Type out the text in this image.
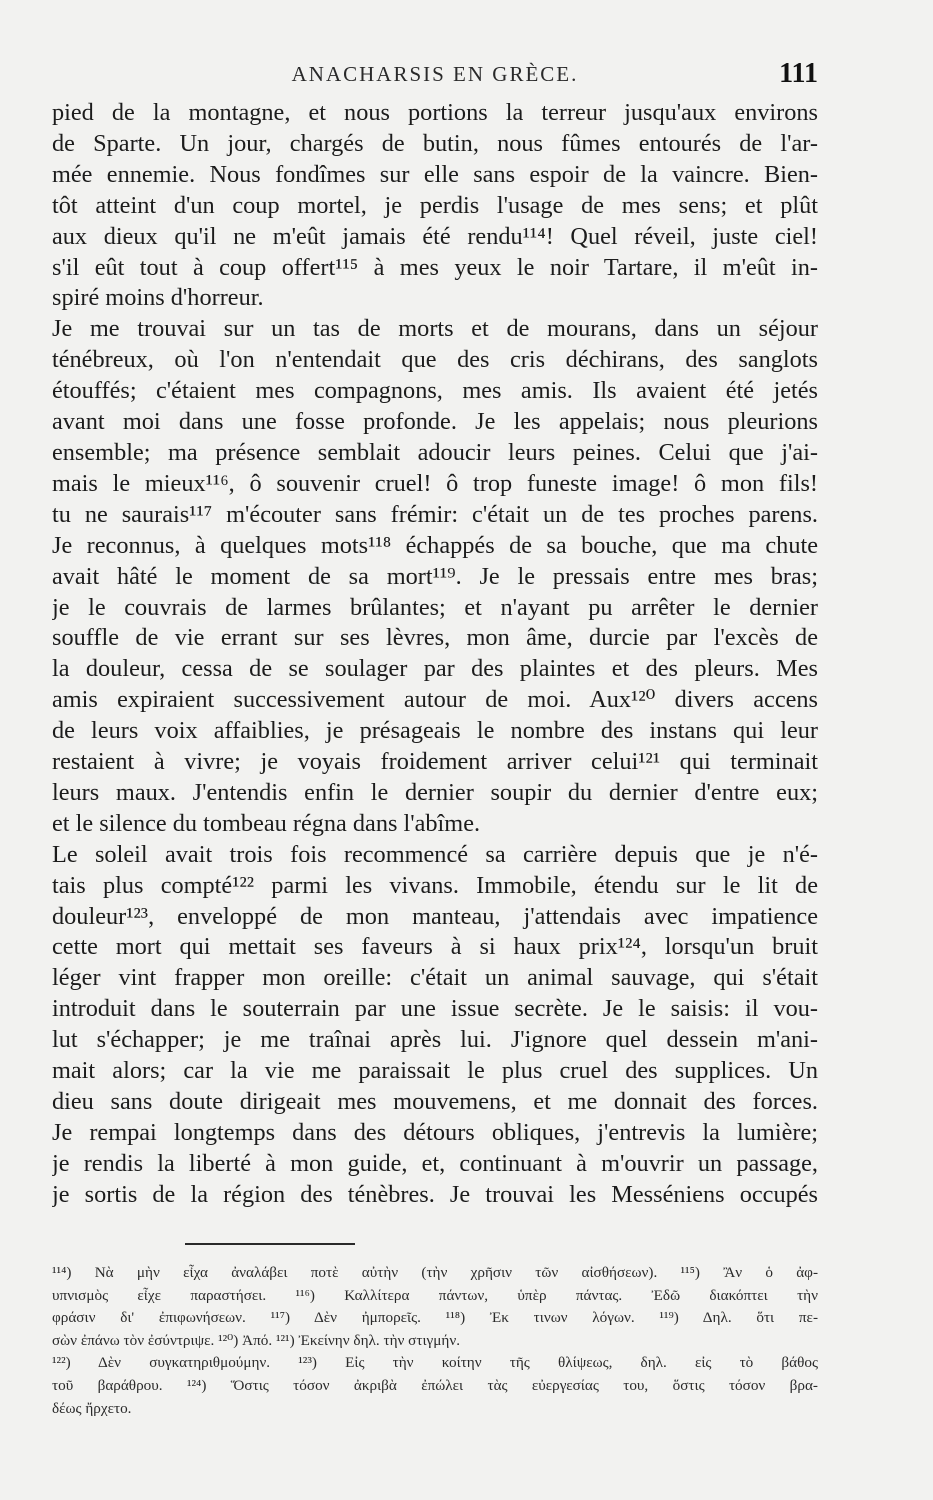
ANACHARSIS EN GRÈCE.	111
pied de la montagne, et nous portions la terreur jusqu'aux environs
de Sparte. Un jour, chargés de butin, nous fûmes entourés de l'ar-
mée ennemie. Nous fondîmes sur elle sans espoir de la vaincre. Bien-
tôt atteint d'un coup mortel, je perdis l'usage de mes sens; et plût
aux dieux qu'il ne m'eût jamais été rendu¹¹⁴! Quel réveil, juste ciel!
s'il eût tout à coup offert¹¹⁵ à mes yeux le noir Tartare, il m'eût in-
spiré moins d'horreur.
Je me trouvai sur un tas de morts et de mourans, dans un séjour
ténébreux, où l'on n'entendait que des cris déchirans, des sanglots
étouffés; c'étaient mes compagnons, mes amis. Ils avaient été jetés
avant moi dans une fosse profonde. Je les appelais; nous pleurions
ensemble; ma présence semblait adoucir leurs peines. Celui que j'ai-
mais le mieux¹¹⁶, ô souvenir cruel! ô trop funeste image! ô mon fils!
tu ne saurais¹¹⁷ m'écouter sans frémir: c'était un de tes proches parens.
Je reconnus, à quelques mots¹¹⁸ échappés de sa bouche, que ma chute
avait hâté le moment de sa mort¹¹⁹. Je le pressais entre mes bras;
je le couvrais de larmes brûlantes; et n'ayant pu arrêter le dernier
souffle de vie errant sur ses lèvres, mon âme, durcie par l'excès de
la douleur, cessa de se soulager par des plaintes et des pleurs. Mes
amis expiraient successivement autour de moi. Aux¹²⁰ divers accens
de leurs voix affaiblies, je présageais le nombre des instans qui leur
restaient à vivre; je voyais froidement arriver celui¹²¹ qui terminait
leurs maux. J'entendis enfin le dernier soupir du dernier d'entre eux;
et le silence du tombeau régna dans l'abîme.
Le soleil avait trois fois recommencé sa carrière depuis que je n'é-
tais plus compté¹²² parmi les vivans. Immobile, étendu sur le lit de
douleur¹²³, enveloppé de mon manteau, j'attendais avec impatience
cette mort qui mettait ses faveurs à si haux prix¹²⁴, lorsqu'un bruit
léger vint frapper mon oreille: c'était un animal sauvage, qui s'était
introduit dans le souterrain par une issue secrète. Je le saisis: il vou-
lut s'échapper; je me traînai après lui. J'ignore quel dessein m'ani-
mait alors; car la vie me paraissait le plus cruel des supplices. Un
dieu sans doute dirigeait mes mouvemens, et me donnait des forces.
Je rempai longtemps dans des détours obliques, j'entrevis la lumière;
je rendis la liberté à mon guide, et, continuant à m'ouvrir un passage,
je sortis de la région des ténèbres. Je trouvai les Messéniens occupés
¹¹⁴) Νὰ μὴν εἶχα ἀναλάβει ποτὲ αὐτὴν (τὴν χρῆσιν τῶν αἰσθήσεων). ¹¹⁵) Ἂν ὁ ἀφ-
υπνισμὸς εἶχε παραστήσει. ¹¹⁶) Καλλίτερα πάντων, ὑπὲρ πάντας. Ἐδῶ διακόπτει τὴν
φράσιν δι' ἐπιφωνήσεων. ¹¹⁷) Δὲν ἠμπορεῖς. ¹¹⁸) Ἐκ τινων λόγων. ¹¹⁹) Δηλ. ὅτι πε-
σὼν ἐπάνω τὸν ἐσύντριψε. ¹²⁰) Ἀπό. ¹²¹) Ἐκείνην δηλ. τὴν στιγμήν.
¹²²) Δὲν συγκατηριθμούμην. ¹²³) Εἰς τὴν κοίτην τῆς θλίψεως, δηλ. εἰς τὸ βάθος
τοῦ βαράθρου. ¹²⁴) Ὅστις τόσον ἀκριβὰ ἐπώλει τὰς εὐεργεσίας του, ὅστις τόσον βρα-
δέως ἤρχετο.
